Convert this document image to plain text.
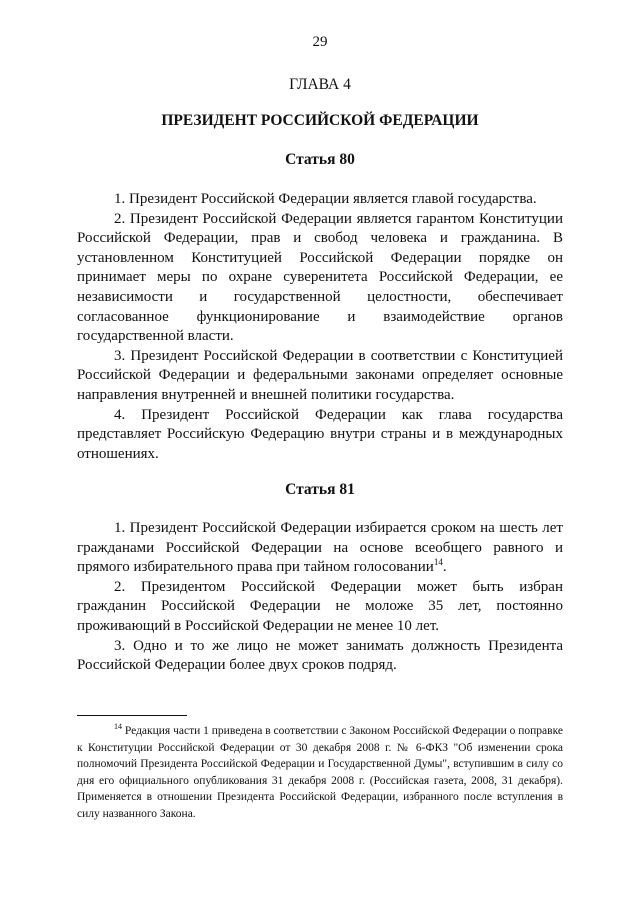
29
ГЛАВА 4
ПРЕЗИДЕНТ РОССИЙСКОЙ ФЕДЕРАЦИИ
Статья 80

1. Президент Российской Федерации является главой государства.

2. Президент Российской Федерации является гарантом Конституции Российской Федерации, прав и свобод человека и гражданина. В установленном Конституцией Российской Федерации порядке он принимает меры по охране суверенитета Российской Федерации, ее независимости и государственной целостности, обеспечивает согласованное функционирование и взаимодействие органов государственной власти.

3. Президент Российской Федерации в соответствии с Конституцией Российской Федерации и федеральными законами определяет основные направления внутренней и внешней политики государства.

4. Президент Российской Федерации как глава государства представляет Российскую Федерацию внутри страны и в международных отношениях.

Статья 81

1. Президент Российской Федерации избирается сроком на шесть лет гражданами Российской Федерации на основе всеобщего равного и прямого избирательного права при тайном голосовании$^{14}$.

2. Президентом Российской Федерации может быть избран гражданин Российской Федерации не моложе 35 лет, постоянно проживающий в Российской Федерации не менее 10 лет.

3. Одно и то же лицо не может занимать должность Президента Российской Федерации более двух сроков подряд.

$^{14}$ Редакция части 1 приведена в соответствии с Законом Российской Федерации о поправке к Конституции Российской Федерации от 30 декабря 2008 г. № 6-ФКЗ "Об изменении срока полномочий Президента Российской Федерации и Государственной Думы", вступившим в силу со дня его официального опубликования 31 декабря 2008 г. (Российская газета, 2008, 31 декабря). Применяется в отношении Президента Российской Федерации, избранного после вступления в силу названного Закона.
